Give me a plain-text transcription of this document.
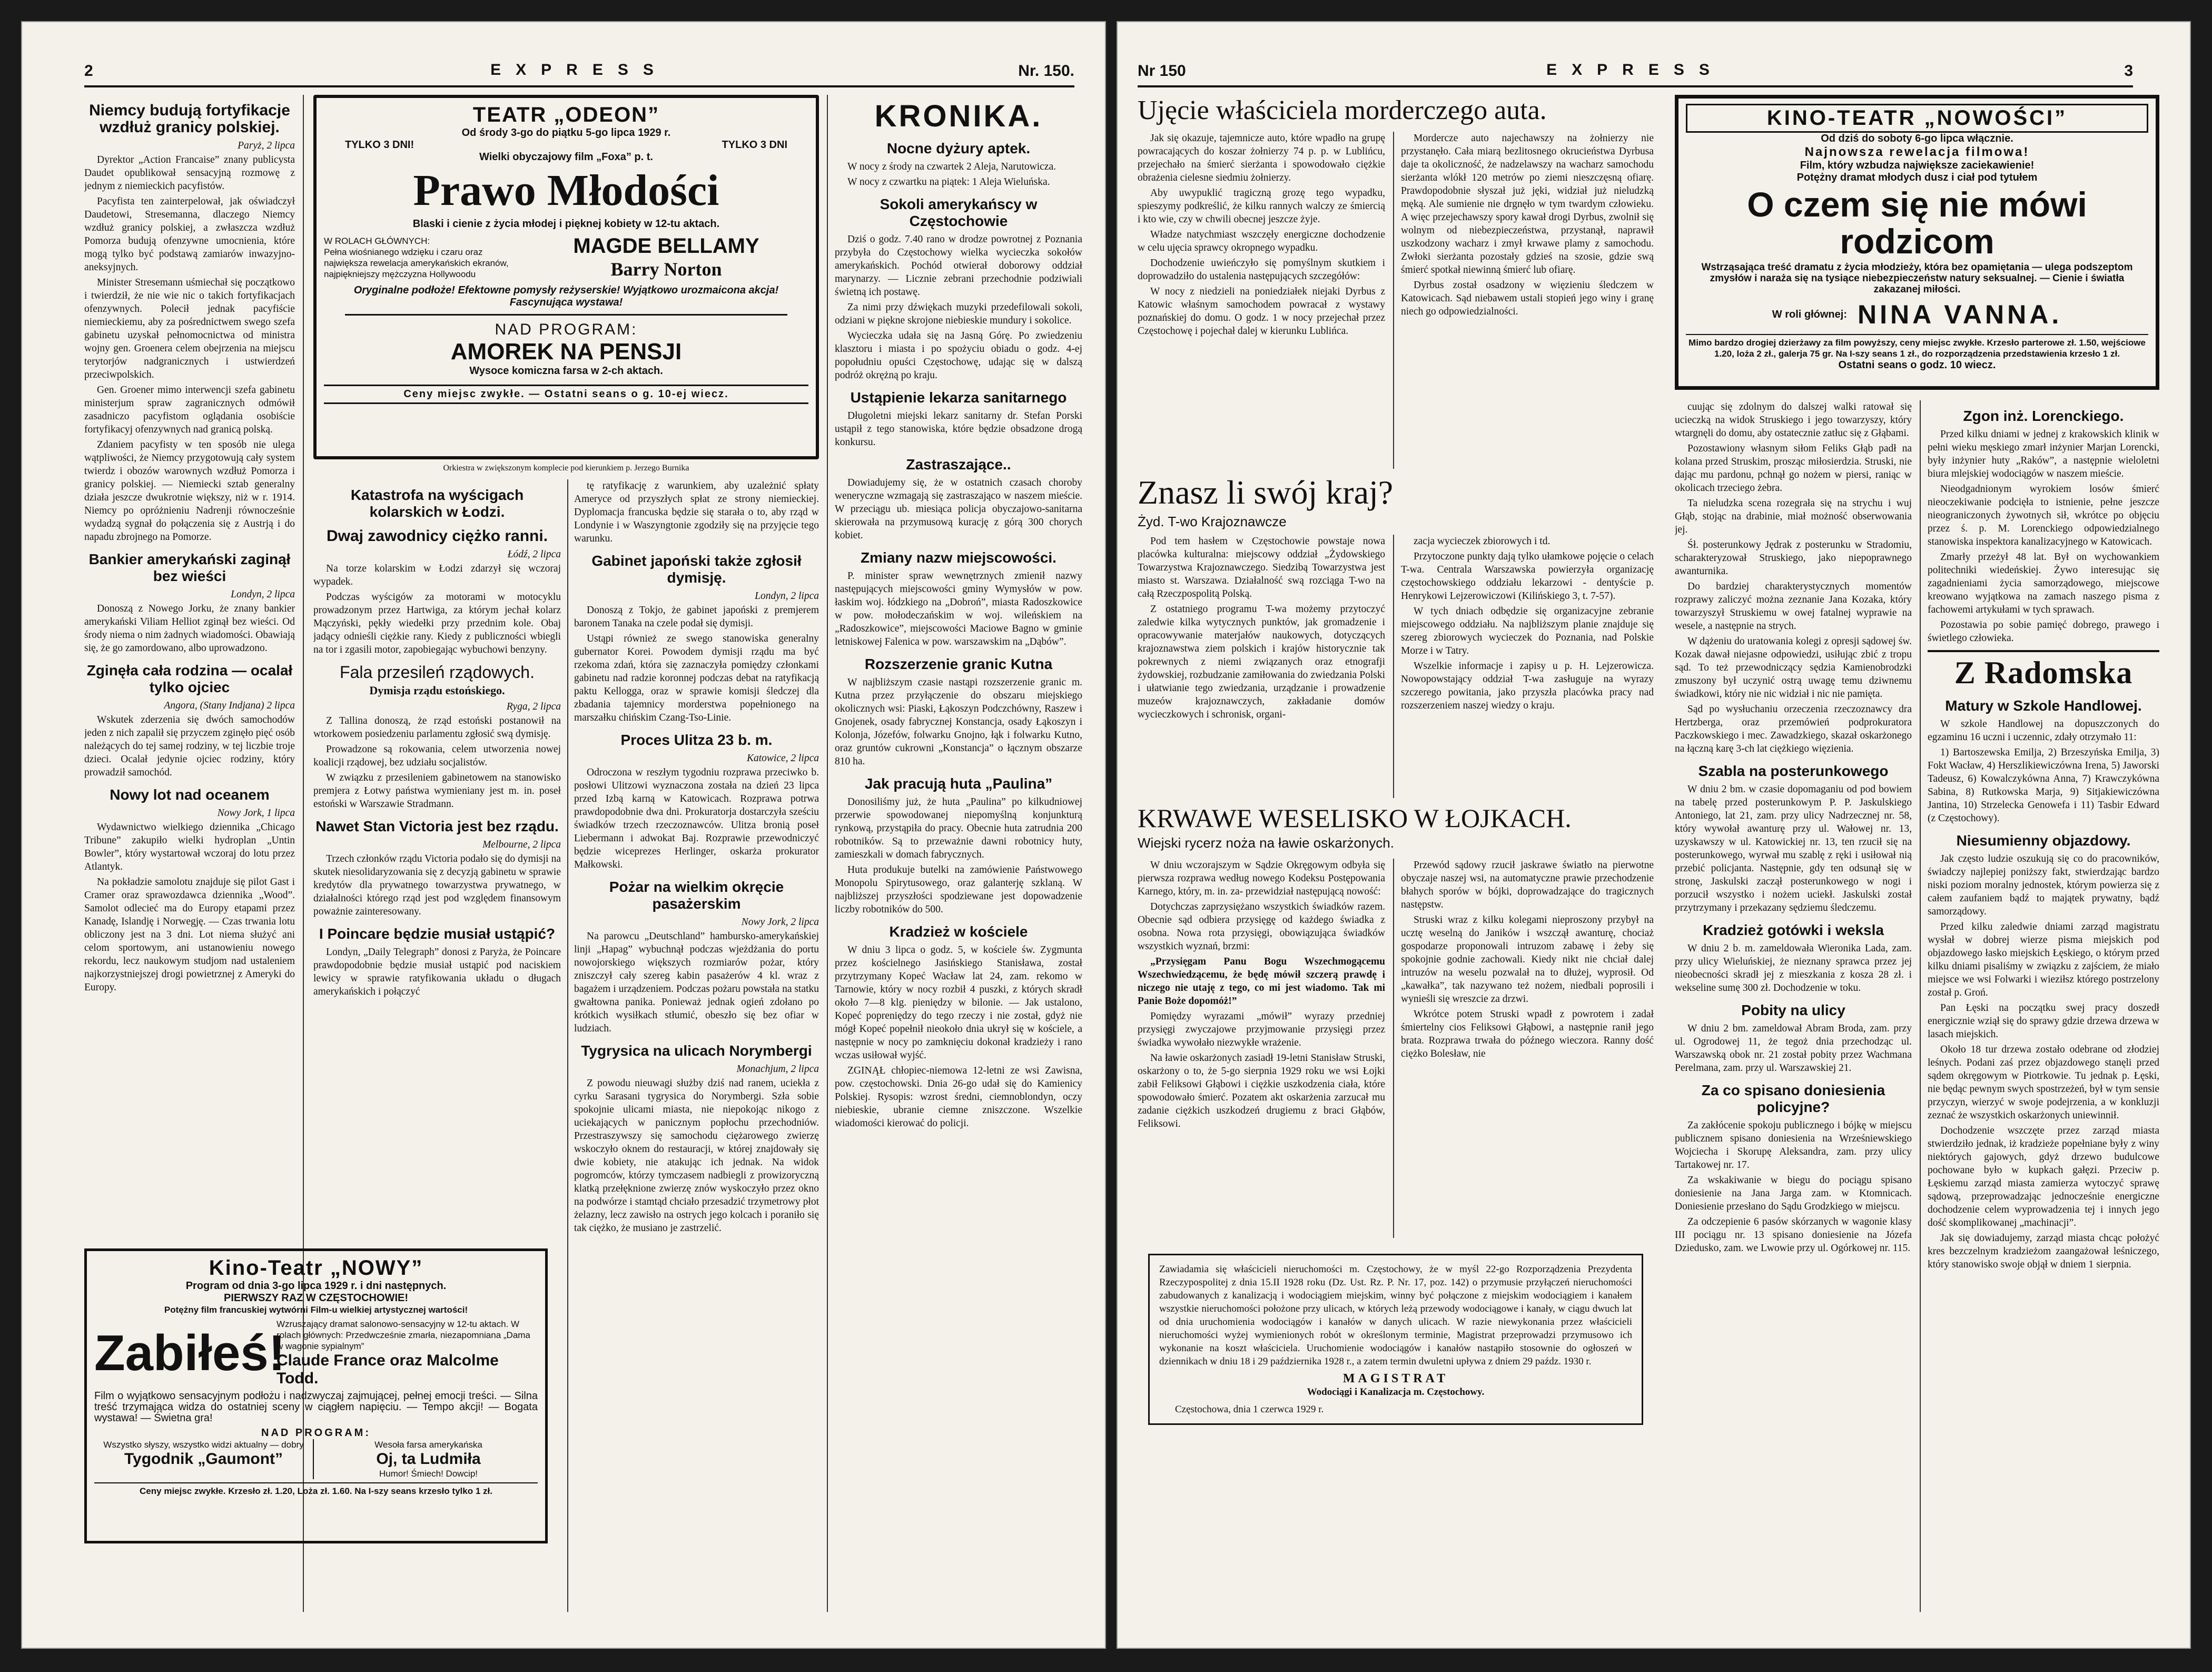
2	EXPRESS	Nr. 150.
Niemcy budują fortyfikacje wzdłuż granicy polskiej.
Paryż, 2 lipca

Dyrektor „Action Francaise” znany publicysta Daudet opublikował sensacyjną rozmowę z jednym z niemieckich pacyfistów.

Pacyfista ten zainterpelował, jak oświadczył Daudetowi, Stresemanna, dlaczego Niemcy wzdłuż granicy polskiej, a zwłaszcza wzdłuż Pomorza budują ofenzywne umocnienia, które mogą tylko być podstawą zamiarów inwazyjno-aneksyjnych.

Minister Stresemann uśmiechał się początkowo i twierdził, że nie wie nic o takich fortyfikacjach ofenzywnych. Polecił jednak pacyfiście niemieckiemu, aby za pośrednictwem swego szefa gabinetu uzyskał pełnomocnictwa od ministra wojny gen. Groenera celem obejrzenia na miejscu terytorjów nadgranicznych i ustwierdzeń przeciwpolskich.

Gen. Groener mimo interwencji szefa gabinetu ministerjum spraw zagranicznych odmówił zasadniczo pacyfistom oglądania osobiście fortyfikacyj ofenzywnych nad granicą polską.

Zdaniem pacyfisty w ten sposób nie ulega wątpliwości, że Niemcy przygotowują cały system twierdz i obozów warownych wzdłuż Pomorza i granicy polskiej. — Niemiecki sztab generalny działa jeszcze dwukrotnie większy, niż w r. 1914. Niemcy po opróżnieniu Nadrenji równocześnie wydadzą sygnał do połączenia się z Austrją i do napadu zbrojnego na Pomorze.

Bankier amerykański zaginął bez wieści
Londyn, 2 lipca

Donoszą z Nowego Jorku, że znany bankier amerykański Viliam Helliot zginął bez wieści. Od środy niema o nim żadnych wiadomości. Obawiają się, że go zamordowano, albo uprowadzono.

Zginęła cała rodzina — ocalał tylko ojciec
Angora, (Stany Indjana) 2 lipca

Wskutek zderzenia się dwóch samochodów jeden z nich zapalił się przyczem zginęło pięć osób należących do tej samej rodziny, w tej liczbie troje dzieci. Ocalał jedynie ojciec rodziny, który prowadził samochód.

Nowy lot nad oceanem
Nowy Jork, 1 lipca

Wydawnictwo wielkiego dziennika „Chicago Tribune” zakupiło wielki hydroplan „Untin Bowler”, który wystartował wczoraj do lotu przez Atlantyk.

Na pokładzie samolotu znajduje się pilot Gast i Cramer oraz sprawozdawca dziennika „Wood”. Samolot odlecieć ma do Europy etapami przez Kanadę, Islandję i Norwegję. — Czas trwania lotu obliczony jest na 3 dni. Lot niema służyć ani celom sportowym, ani ustanowieniu nowego rekordu, lecz naukowym studjom nad ustaleniem najkorzystniejszej drogi powietrznej z Ameryki do Europy.

TEATR „ODEON”
Od środy 3-go do piątku 5-go lipca 1929 r.
TYLKO 3 DNI!	TYLKO 3 DNI
Wielki obyczajowy film „Foxa” p. t.
Prawo Młodości
Blaski i cienie z życia młodej i pięknej kobiety w 12-tu aktach.
W ROLACH GŁÓWNYCH:
Pełna wiośnianego wdzięku i czaru oraz największa rewelacja amerykańskich ekranów, najpiękniejszy mężczyzna Hollywoodu
MAGDE BELLAMY
Barry Norton
Oryginalne podłoże! Efektowne pomysły reżyserskie! Wyjątkowo urozmaicona akcja! Fascynująca wystawa!
NAD PROGRAM:
AMOREK NA PENSJI
Wysoce komiczna farsa w 2-ch aktach.
Ceny miejsc zwykłe. — Ostatni seans o g. 10-ej wiecz.
Orkiestra w zwiększonym komplecie pod kierunkiem p. Jerzego Burnika
Katastrofa na wyścigach kolarskich w Łodzi.
Dwaj zawodnicy ciężko ranni.
Łódź, 2 lipca

Na torze kolarskim w Łodzi zdarzył się wczoraj wypadek.

Podczas wyścigów za motorami w motocyklu prowadzonym przez Hartwiga, za którym jechał kolarz Mączyński, pękły wiedełki przy przednim kole. Obaj jadący odnieśli ciężkie rany. Kiedy z publiczności wbiegli na tor i zgasili motor, zapobiegając wybuchowi benzyny.

Fala przesileń rządowych.
Dymisja rządu estońskiego.
Ryga, 2 lipca

Z Tallina donoszą, że rząd estoński postanowił na wtorkowem posiedzeniu parlamentu zgłosić swą dymisję.

Prowadzone są rokowania, celem utworzenia nowej koalicji rządowej, bez udziału socjalistów.

W związku z przesileniem gabinetowem na stanowisko premjera z Łotwy państwa wymieniany jest m. in. poseł estoński w Warszawie Stradmann.

Nawet Stan Victoria jest bez rządu.
Melbourne, 2 lipca

Trzech członków rządu Victoria podało się do dymisji na skutek niesolidaryzowania się z decyzją gabinetu w sprawie kredytów dla prywatnego towarzystwa prywatnego, w działalności którego rząd jest pod względem finansowym poważnie zainteresowany.

I Poincare będzie musiał ustąpić?

Londyn, „Daily Telegraph” donosi z Paryża, że Poincare prawdopodobnie będzie musiał ustąpić pod naciskiem lewicy w sprawie ratyfikowania układu o długach amerykańskich i połączyć

tę ratyfikację z warunkiem, aby uzależnić spłaty Ameryce od przyszłych spłat ze strony niemieckiej. Dyplomacja francuska będzie się starała o to, aby rząd w Londynie i w Waszyngtonie zgodziły się na przyjęcie tego warunku.

Gabinet japoński także zgłosił dymisję.
Londyn, 2 lipca

Donoszą z Tokjo, że gabinet japoński z premjerem baronem Tanaka na czele podał się dymisji.

Ustąpi również ze swego stanowiska generalny gubernator Korei. Powodem dymisji rządu ma być rzekoma zdań, która się zaznaczyła pomiędzy członkami gabinetu nad radzie koronnej podczas debat na ratyfikacją paktu Kellogga, oraz w sprawie komisji śledczej dla zbadania tajemnicy morderstwa popełnionego na marszałku chińskim Czang-Tso-Linie.

Proces Ulitza 23 b. m.
Katowice, 2 lipca

Odroczona w reszłym tygodniu rozprawa przeciwko b. posłowi Ulitzowi wyznaczona została na dzień 23 lipca przed Izbą karną w Katowicach. Rozprawa potrwa prawdopodobnie dwa dni. Prokuratorja dostarczyła sześciu świadków trzech rzeczoznawców. Ulitza bronią poseł Liebermann i adwokat Baj. Rozprawie przewodniczyć będzie wiceprezes Herlinger, oskarża prokurator Małkowski.

Pożar na wielkim okręcie pasażerskim
Nowy Jork, 2 lipca

Na parowcu „Deutschland” hambursko-amerykańskiej linji „Hapag” wybuchnął podczas wjeżdżania do portu nowojorskiego większych rozmiarów pożar, który zniszczył cały szereg kabin pasażerów 4 kl. wraz z bagażem i urządzeniem. Podczas pożaru powstała na statku gwałtowna panika. Ponieważ jednak ogień zdołano po krótkich wysiłkach stłumić, obeszło się bez ofiar w ludziach.

Tygrysica na ulicach Norymbergi
Monachjum, 2 lipca

Z powodu nieuwagi służby dziś nad ranem, uciekła z cyrku Sarasani tygrysica do Norymbergi. Szła sobie spokojnie ulicami miasta, nie niepokojąc nikogo z uciekających w panicznym popłochu przechodniów. Przestraszywszy się samochodu ciężarowego zwierzę wskoczyło oknem do restauracji, w której znajdowały się dwie kobiety, nie atakując ich jednak. Na widok pogromców, którzy tymczasem nadbiegli z prowizoryczną klatką przełęknione zwierzę znów wyskoczyło przez okno na podwórze i stamtąd chciało przesadzić trzymetrowy płot żelazny, lecz zawisło na ostrych jego kolcach i poraniło się tak ciężko, że musiano je zastrzelić.

Kino-Teatr „NOWY”
Program od dnia 3-go lipca 1929 r. i dni następnych.
PIERWSZY RAZ W CZĘSTOCHOWIE!
Potężny film francuskiej wytwórni Film-u wielkiej artystycznej wartości!
Zabiłeś!
Wzruszający dramat salonowo-sensacyjny w 12-tu aktach. W rolach głównych: Przedwcześnie zmarła, niezapomniana „Dama w wagonie sypialnym”
Claude France oraz Malcolme Todd.
Film o wyjątkowo sensacyjnym podłożu i nadzwyczaj zajmującej, pełnej emocji treści. — Silna treść trzymająca widza do ostatniej sceny w ciągłem napięciu. — Tempo akcji! — Bogata wystawa! — Świetna gra!
NAD PROGRAM:
Wszystko słyszy, wszystko widzi aktualny — dobry
Tygodnik „Gaumont”
Wesoła farsa amerykańska
Oj, ta Ludmiła
Humor! Śmiech! Dowcip!
Ceny miejsc zwykłe. Krzesło zł. 1.20, Loża zł. 1.60. Na I-szy seans krzesło tylko 1 zł.
KRONIKA.
Nocne dyżury aptek.

W nocy z środy na czwartek 2 Aleja, Narutowicza.

W nocy z czwartku na piątek: 1 Aleja Wieluńska.

Sokoli amerykańscy w Częstochowie

Dziś o godz. 7.40 rano w drodze powrotnej z Poznania przybyła do Częstochowy wielka wycieczka sokołów amerykańskich. Pochód otwierał doborowy oddział marynarzy. — Licznie zebrani przechodnie podziwiali świetną ich postawę.

Za nimi przy dźwiękach muzyki przedefilowali sokoli, odziani w piękne skrojone niebieskie mundury i sokolice.

Wycieczka udała się na Jasną Górę. Po zwiedzeniu klasztoru i miasta i po spożyciu obiadu o godz. 4-ej popołudniu opuści Częstochowę, udając się w dalszą podróż okrężną po kraju.

Ustąpienie lekarza sanitarnego

Długoletni miejski lekarz sanitarny dr. Stefan Porski ustąpił z tego stanowiska, które będzie obsadzone drogą konkursu.

Zastraszające..

Dowiadujemy się, że w ostatnich czasach choroby weneryczne wzmagają się zastraszająco w naszem mieście. W przeciągu ub. miesiąca policja obyczajowo-sanitarna skierowała na przymusową kurację z górą 300 chorych kobiet.

Zmiany nazw miejscowości.

P. minister spraw wewnętrznych zmienił nazwy następujących miejscowości gminy Wymysłów w pow. łaskim woj. łódzkiego na „Dobroń”, miasta Radoszkowice w pow. mołodeczańskim w woj. wileńskiem na „Radoszkowice”, miejscowości Maciowe Bagno w gminie letniskowej Falenica w pow. warszawskim na „Dąbów”.

Rozszerzenie granic Kutna

W najbliższym czasie nastąpi rozszerzenie granic m. Kutna przez przyłączenie do obszaru miejskiego okolicznych wsi: Piaski, Łąkoszyn Podczchówny, Raszew i Gnojenek, osady fabrycznej Konstancja, osady Łąkoszyn i Kolonja, Józefów, folwarku Gnojno, łąk i folwarku Kutno, oraz gruntów cukrowni „Konstancja” o łącznym obszarze 810 ha.

Jak pracują huta „Paulina”

Donosiliśmy już, że huta „Paulina” po kilkudniowej przerwie spowodowanej niepomyślną konjunkturą rynkową, przystąpiła do pracy. Obecnie huta zatrudnia 200 robotników. Są to przeważnie dawni robotnicy huty, zamieszkali w domach fabrycznych.

Huta produkuje butelki na zamówienie Państwowego Monopolu Spirytusowego, oraz galanterję szklaną. W najbliższej przyszłości spodziewane jest dopowadzenie liczby robotników do 500.

Kradzież w kościele

W dniu 3 lipca o godz. 5, w kościele św. Zygmunta przez kościelnego Jasińskiego Stanisława, został przytrzymany Kopeć Wacław lat 24, zam. rekomo w Tarnowie, który w nocy rozbił 4 puszki, z których skradł około 7—8 klg. pieniędzy w bilonie. — Jak ustalono, Kopeć popreniędzy do tego rzeczy i nie został, gdyż nie mógł Kopeć popełnił nieokoło dnia ukrył się w kościele, a następnie w nocy po zamknięciu dokonał kradzieży i rano wczas usiłował wyjść.

ZGINĄŁ chłopiec-niemowa 12-letni ze wsi Zawisna, pow. częstochowski. Dnia 26-go udał się do Kamienicy Polskiej. Rysopis: wzrost średni, ciemnoblondyn, oczy niebieskie, ubranie ciemne zniszczone. Wszelkie wiadomości kierować do policji.

3
EXPRESS
Nr 150
Ujęcie właściciela morderczego auta.

Jak się okazuje, tajemnicze auto, które wpadło na grupę powracających do koszar żołnierzy 74 p. p. w Lublińcu, przejechało na śmierć sierżanta i spowodowało ciężkie obrażenia cielesne siedmiu żołnierzy.

Aby uwypuklić tragiczną grozę tego wypadku, spieszymy podkreślić, że kilku rannych walczy ze śmiercią i kto wie, czy w chwili obecnej jeszcze żyje.

Władze natychmiast wszczęły energiczne dochodzenie w celu ujęcia sprawcy okropnego wypadku.

Dochodzenie uwieńczyło się pomyślnym skutkiem i doprowadziło do ustalenia następujących szczegółów:

W nocy z niedzieli na poniedziałek niejaki Dyrbus z Katowic właśnym samochodem powracał z wystawy poznańskiej do domu. O godz. 1 w nocy przejechał przez Częstochowę i pojechał dalej w kierunku Lublińca.

Mordercze auto najechawszy na żołnierzy nie przystanęło. Cała miarą bezlitosnego okrucieństwa Dyrbusa daje ta okoliczność, że nadzelawszy na wacharz samochodu sierżanta wlókł 120 metrów po ziemi nieszczęsną ofiarę. Prawdopodobnie słyszał już jęki, widział już nieludzką męką. Ale sumienie nie drgnęło w tym twardym człowieku. A więc przejechawszy spory kawał drogi Dyrbus, zwolnił się wolnym od niebezpieczeństwa, przystanął, naprawił uszkodzony wacharz i zmył krwawe plamy z samochodu. Zwłoki sierżanta pozostały gdzieś na szosie, gdzie swą śmierć spotkał niewinną śmierć lub ofiarę.

Dyrbus został osadzony w więzieniu śledczem w Katowicach. Sąd niebawem ustali stopień jego winy i granę niech go odpowiedzialności.

Znasz li swój kraj?
Żyd. T-wo Krajoznawcze

Pod tem hasłem w Częstochowie powstaje nowa placówka kulturalna: miejscowy oddział „Żydowskiego Towarzystwa Krajoznawczego. Siedzibą Towarzystwa jest miasto st. Warszawa. Działalność swą rozciąga T-wo na całą Rzeczpospolitą Polską.

Z ostatniego programu T-wa możemy przytoczyć zaledwie kilka wytycznych punktów, jak gromadzenie i opracowywanie materjałów naukowych, dotyczących krajoznawstwa ziem polskich i krajów historycznie tak pokrewnych z niemi związanych oraz etnografji żydowskiej, rozbudzanie zamiłowania do zwiedzania Polski i ułatwianie tego zwiedzania, urządzanie i prowadzenie muzeów krajoznawczych, zakładanie domów wycieczkowych i schronisk, organi-

zacja wycieczek zbiorowych i td.

Przytoczone punkty dają tylko ułamkowe pojęcie o celach T-wa. Centrala Warszawska powierzyła organizację częstochowskiego oddziału lekarzowi - dentyście p. Henrykowi Lejzerowiczowi (Kilińskiego 3, t. 7-57).

W tych dniach odbędzie się organizacyjne zebranie miejscowego oddziału. Na najbliższym planie znajduje się szereg zbiorowych wycieczek do Poznania, nad Polskie Morze i w Tatry.

Wszelkie informacje i zapisy u p. H. Lejzerowicza. Nowopowstający oddział T-wa zasługuje na wyrazy szczerego powitania, jako przyszła placówka pracy nad rozszerzeniem naszej wiedzy o kraju.

KRWAWE WESELISKO W ŁOJKACH.
Wiejski rycerz noża na ławie oskarżonych.

W dniu wczorajszym w Sądzie Okręgowym odbyła się pierwsza rozprawa według nowego Kodeksu Postępowania Karnego, który, m. in. za- przewidział następującą nowość:

Dotychczas zaprzysiężano wszystkich świadków razem. Obecnie sąd odbiera przysięgę od każdego świadka z osobna. Nowa rota przysięgi, obowiązująca świadków wszystkich wyznań, brzmi:

„Przysięgam Panu Bogu Wszechmogącemu Wszechwiedzącemu, że będę mówił szczerą prawdę i niczego nie utaję z tego, co mi jest wiadomo. Tak mi Panie Boże dopomóż!”

Pomiędzy wyrazami „mówił” wyrazy przedniej przysięgi zwyczajowe przyjmowanie przysięgi przez świadka wywołało niezwykłe wrażenie.

Na ławie oskarżonych zasiadł 19-letni Stanisław Struski, oskarżony o to, że 5-go sierpnia 1929 roku we wsi Łojki zabił Feliksowi Głąbowi i ciężkie uszkodzenia ciała, które spowodowało śmierć. Pozatem akt oskarżenia zarzucał mu zadanie ciężkich uszkodzeń drugiemu z braci Głąbów, Feliksowi.

Przewód sądowy rzucił jaskrawe światło na pierwotne obyczaje naszej wsi, na automatyczne prawie przechodzenie błahych sporów w bójki, doprowadzające do tragicznych następstw.

Struski wraz z kilku kolegami nieproszony przybył na ucztę weselną do Janików i wszczął awanturę, chociaż gospodarze proponowali intruzom zabawę i żeby się spokojnie godnie zachowali. Kiedy nikt nie chciał dalej intruzów na weselu pozwalał na to dłużej, wyprosił. Od „kawałka”, tak nazywano też nożem, niedbali poprosili i wynieśli się wreszcie za drzwi.

Wkrótce potem Struski wpadł z powrotem i zadał śmiertelny cios Feliksowi Głąbowi, a następnie ranił jego brata. Rozprawa trwała do późnego wieczora. Ranny dość ciężko Bolesław, nie

Zawiadamia się właścicieli nieruchomości m. Częstochowy, że w myśl 22-go Rozporządzenia Prezydenta Rzeczypospolitej z dnia 15.II 1928 roku (Dz. Ust. Rz. P. Nr. 17, poz. 142) o przymusie przyłączeń nieruchomości zabudowanych z kanalizacją i wodociągiem miejskim, winny być połączone z miejskim wodociągiem i kanałem wszystkie nieruchomości położone przy ulicach, w których leżą przewody wodociągowe i kanały, w ciągu dwuch lat od dnia uruchomienia wodociągów i kanałów w danych ulicach. W razie niewykonania przez właścicieli nieruchomości wyżej wymienionych robót w określonym terminie, Magistrat przeprowadzi przymusowo ich wykonanie na koszt właściciela. Uruchomienie wodociągów i kanałów nastąpiło stosownie do ogłoszeń w dziennikach w dniu 18 i 29 października 1928 r., a zatem termin dwuletni upływa z dniem 29 paźdz. 1930 r.
MAGISTRAT
Wodociągi i Kanalizacja m. Częstochowy.
Częstochowa, dnia 1 czerwca 1929 r.
KINO-TEATR „NOWOŚCI”
Od dziś do soboty 6-go lipca włącznie.
Najnowsza rewelacja filmowa!
Film, który wzbudza największe zaciekawienie!
Potężny dramat młodych dusz i ciał pod tytułem
O czem się nie mówi rodzicom
Wstrząsająca treść dramatu z życia młodzieży, która bez opamiętania — ulega podszeptom zmysłów i naraża się na tysiące niebezpieczeństw natury seksualnej. — Cienie i światła zakazanej miłości.
W roli głównej: NINA VANNA.
Mimo bardzo drogiej dzierżawy za film powyższy, ceny miejsc zwykłe. Krzesło parterowe zł. 1.50, wejściowe 1.20, loża 2 zł., galerja 75 gr. Na I-szy seans 1 zł., do rozporządzenia przedstawienia krzesło 1 zł.
Ostatni seans o godz. 10 wiecz.

cuując się zdolnym do dalszej walki ratował się ucieczką na widok Struskiego i jego towarzyszy, który wtargnęli do domu, aby ostatecznie zatłuc się z Głąbami.

Pozostawiony własnym siłom Feliks Głąb padł na kolana przed Struskim, prosząc miłosierdzia. Struski, nie dając mu pardonu, pchnął go nożem w piersi, raniąc w okolicach trzeciego żebra.

Ta nieludzka scena rozegrała się na strychu i wuj Głąb, stojąc na drabinie, miał możność obserwowania jej.

Śł. posterunkowy Jędrak z posterunku w Stradomiu, scharakteryzował Struskiego, jako niepoprawnego awanturnika.

Do bardziej charakterystycznych momentów rozprawy zaliczyć można zeznanie Jana Kozaka, który towarzyszył Struskiemu w owej fatalnej wyprawie na wesele, a następnie na strych.

W dążeniu do uratowania kolegi z opresji sądowej św. Kozak dawał niejasne odpowiedzi, usiłując zbić z tropu sąd. To też przewodniczący sędzia Kamienobrodzki zmuszony był uczynić ostrą uwagę temu dziwnemu świadkowi, który nie nic widział i nic nie pamięta.

Sąd po wysłuchaniu orzeczenia rzeczoznawcy dra Hertzberga, oraz przemówień podprokuratora Paczkowskiego i mec. Zawadzkiego, skazał oskarżonego na łączną karę 3-ch lat ciężkiego więzienia.

Szabla na posterunkowego

W dniu 2 bm. w czasie dopomaganiu od pod bowiem na tabelę przed posterunkowym P. P. Jaskulskiego Antoniego, lat 21, zam. przy ulicy Nadrzecznej nr. 58, który wywołał awanturę przy ul. Wałowej nr. 13, uzyskawszy w ul. Katowickiej nr. 13, ten rzucił się na posterunkowego, wyrwał mu szablę z ręki i usiłował nią przebić policjanta. Następnie, gdy ten odsunął się w stronę, Jaskulski zaczął posterunkowego w nogi i porzucił wszystko i nożem uciekł. Jaskulski został przytrzymany i przekazany sędziemu śledczemu.

Kradzież gotówki i weksla

W dniu 2 b. m. zameldowała Wieronika Lada, zam. przy ulicy Wieluńskiej, że nieznany sprawca przez jej nieobecności skradł jej z mieszkania z kosza 28 zł. i wekseline sumę 300 zł. Dochodzenie w toku.

Pobity na ulicy

W dniu 2 bm. zameldował Abram Broda, zam. przy ul. Ogrodowej 11, że tegoż dnia przechodząc ul. Warszawską obok nr. 21 został pobity przez Wachmana Perelmana, zam. przy ul. Warszawskiej 21.

Za co spisano doniesienia policyjne?

Za zakłócenie spokoju publicznego i bójkę w miejscu publicznem spisano doniesienia na Wrześniewskiego Wojciecha i Skorupę Aleksandra, zam. przy ulicy Tartakowej nr. 17.

Za wskakiwanie w biegu do pociągu spisano doniesienie na Jana Jarga zam. w Ktomnicach. Doniesienie przesłano do Sądu Grodzkiego w miejscu.

Za odczepienie 6 pasów skórzanych w wagonie klasy III pociągu nr. 13 spisano doniesienie na Józefa Dziedusko, zam. we Lwowie przy ul. Ogórkowej nr. 115.

Zgon inż. Lorenckiego.

Przed kilku dniami w jednej z krakowskich klinik w pełni wieku męskiego zmarł inżynier Marjan Lorencki, były inżynier huty „Raków”, a następnie wieloletni biura mlejskiej wodociągów w naszem mieście.

Nieodgadnionym wyrokiem losów śmierć nieoczekiwanie podcięła to istnienie, pełne jeszcze nieograniczonych żywotnych sił, wkrótce po objęciu przez ś. p. M. Lorenckiego odpowiedzialnego stanowiska inspektora kanalizacyjnego w Katowicach.

Zmarły przeżył 48 lat. Był on wychowankiem politechniki wiedeńskiej. Żywo interesując się zagadnieniami życia samorządowego, miejscowe kreowano wyjątkowa na zamach naszego pisma z fachowemi artykułami w tych sprawach.

Pozostawia po sobie pamięć dobrego, prawego i świetlego człowieka.

Z Radomska
Matury w Szkole Handlowej.

W szkole Handlowej na dopuszczonych do egzaminu 16 uczni i uczennic, zdały otrzymało 11:

1) Bartoszewska Emilja, 2) Brzeszyńska Emilja, 3) Fokt Wacław, 4) Herszlikiewiczówna Irena, 5) Jaworski Tadeusz, 6) Kowalczykówna Anna, 7) Krawczykówna Sabina, 8) Rutkowska Marja, 9) Sitjakiewiczówna Jantina, 10) Strzelecka Genowefa i 11) Tasbir Edward (z Częstochowy).

Niesumienny objazdowy.

Jak często ludzie oszukują się co do pracowników, świadczy najlepiej poniższy fakt, stwierdzając bardzo niski poziom moralny jednostek, którym powierza się z całem zaufaniem bądź to majątek prywatny, bądź samorządowy.

Przed kilku zaledwie dniami zarząd magistratu wysłał w dobrej wierze pisma miejskich pod objazdowego łasko miejskich Łęskiego, o którym przed kilku dniami pisaliśmy w związku z zajściem, że miało miejsce we wsi Folwarki i wieziłsz którego postrzelony został p. Groń.

Pan Łęski na początku swej pracy doszedł energicznie wziął się do sprawy gdzie drzewa drzewa w lasach miejskich.

Około 18 tur drzewa zostało odebrane od złodziej leśnych. Podani zaś przez objazdowego stanęli przed sądem okręgowym w Piotrkowie. Tu jednak p. Łęski, nie będąc pewnym swych spostrzeżeń, był w tym sensie przyczyn, wierzyć w swoje podejrzenia, a w konkluzji zeznać że wszystkich oskarżonych uniewinnił.

Dochodzenie wszczęte przez zarząd miasta stwierdziło jednak, iż kradzieże popełniane były z winy niektórych gajowych, gdyż drzewo budulcowe pochowane było w kupkach gałęzi. Przeciw p. Łęskiemu zarząd miasta zamierza wytoczyć sprawę sądową, przeprowadzając jednocześnie energiczne dochodzenie celem wyprowadzenia tej i innych jego dość skomplikowanej „machinacji”.

Jak się dowiadujemy, zarząd miasta chcąc położyć kres bezczelnym kradzieżom zaangażował leśniczego, który stanowisko swoje objął w dniem 1 sierpnia.
